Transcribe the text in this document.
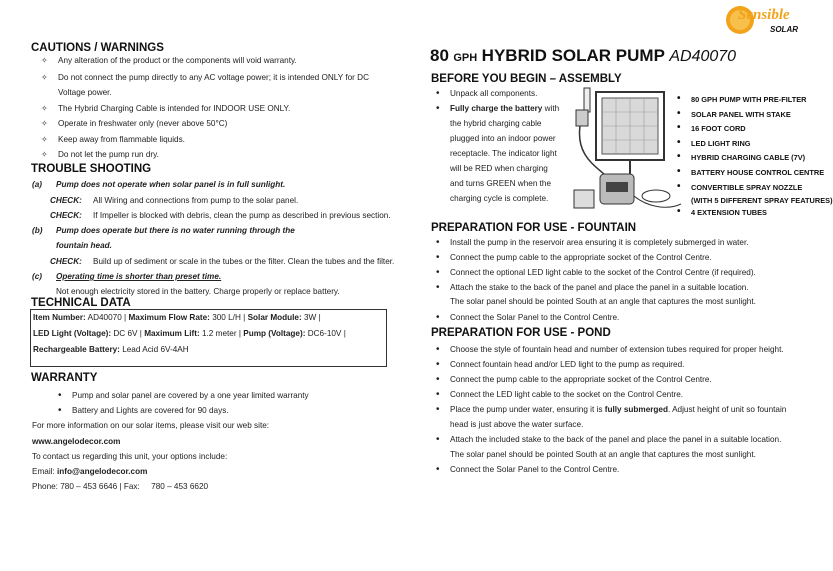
Sensible
SOLAR
CAUTIONS / WARNINGS
✧ Any alteration of the product or the components will void warranty.
✧ Do not connect the pump directly to any AC voltage power; it is intended ONLY for DC
Voltage power.
✧ The Hybrid Charging Cable is intended for INDOOR USE ONLY.
✧ Operate in freshwater only (never above 50°C)
✧ Keep away from flammable liquids.
✧ Do not let the pump run dry.
TROUBLE SHOOTING
(a) Pump does not operate when solar panel is in full sunlight.
CHECK: All Wiring and connections from pump to the solar panel.
CHECK: If Impeller is blocked with debris, clean the pump as described in previous section.
(b) Pump does operate but there is no water running through the
fountain head.
CHECK: Build up of sediment or scale in the tubes or the filter. Clean the tubes and the filter.
(c) Operating time is shorter than preset time.
Not enough electricity stored in the battery. Charge properly or replace battery.
TECHNICAL DATA
Item Number: AD40070 | Maximum Flow Rate: 300 L/H | Solar Module: 3W |
LED Light (Voltage): DC 6V | Maximum Lift: 1.2 meter | Pump (Voltage): DC6-10V |
Rechargeable Battery: Lead Acid 6V-4AH
WARRANTY
• Pump and solar panel are covered by a one year limited warranty
• Battery and Lights are covered for 90 days.
For more information on our solar items, please visit our web site:
www.angelodecor.com
To contact us regarding this unit, your options include:
Email: info@angelodecor.com
Phone: 780 – 453 6646 | Fax: 780 – 453 6620
80 GPH HYBRID SOLAR PUMP AD40070
BEFORE YOU BEGIN – ASSEMBLY
• Unpack all components.
• Fully charge the battery with
the hybrid charging cable
plugged into an indoor power
receptacle. The indicator light
will be RED when charging
and turns GREEN when the
charging cycle is complete.
• 80 GPH PUMP WITH PRE-FILTER
• SOLAR PANEL WITH STAKE
• 16 FOOT CORD
• LED LIGHT RING
• HYBRID CHARGING CABLE (7V)
• BATTERY HOUSE CONTROL CENTRE
• CONVERTIBLE SPRAY NOZZLE
(WITH 5 DIFFERENT SPRAY FEATURES)
• 4 EXTENSION TUBES
PREPARATION FOR USE - FOUNTAIN
• Install the pump in the reservoir area ensuring it is completely submerged in water.
• Connect the pump cable to the appropriate socket of the Control Centre.
• Connect the optional LED light cable to the socket of the Control Centre (if required).
• Attach the stake to the back of the panel and place the panel in a suitable location.
The solar panel should be pointed South at an angle that captures the most sunlight.
• Connect the Solar Panel to the Control Centre.
PREPARATION FOR USE - POND
• Choose the style of fountain head and number of extension tubes required for proper height.
• Connect fountain head and/or LED light to the pump as required.
• Connect the pump cable to the appropriate socket of the Control Centre.
• Connect the LED light cable to the socket on the Control Centre.
• Place the pump under water, ensuring it is fully submerged. Adjust height of unit so fountain
head is just above the water surface.
• Attach the included stake to the back of the panel and place the panel in a suitable location.
The solar panel should be pointed South at an angle that captures the most sunlight.
• Connect the Solar Panel to the Control Centre.
